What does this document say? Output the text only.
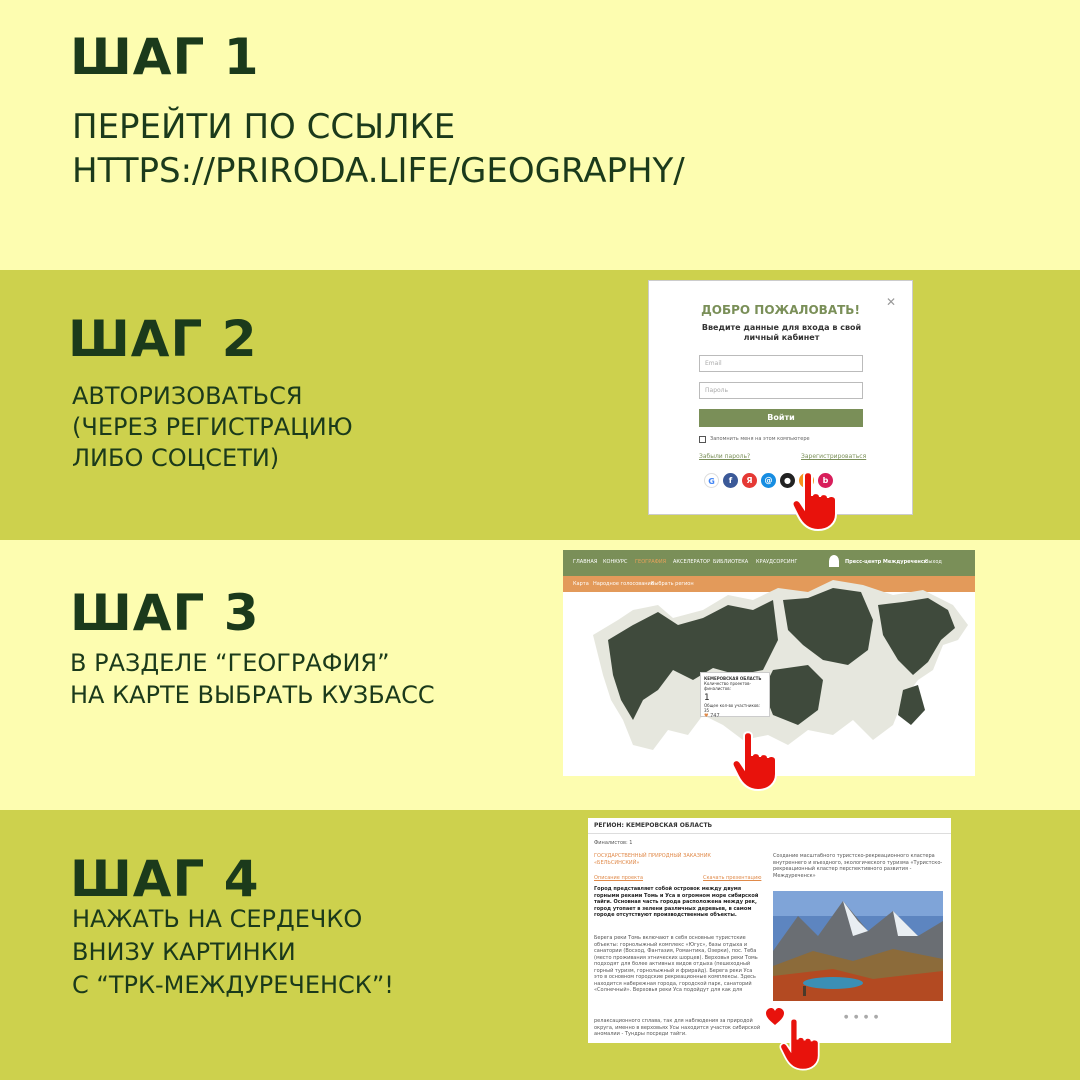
ШАГ 1
ПЕРЕЙТИ ПО ССЫЛКЕ
HTTPS://PRIRODA.LIFE/GEOGRAPHY/
ШАГ 2
АВТОРИЗОВАТЬСЯ
(ЧЕРЕЗ РЕГИСТРАЦИЮ
ЛИБО СОЦСЕТИ)
✕
ДОБРО ПОЖАЛОВАТЬ!
Введите данные для входа в свой личный кабинет
Email
Пароль
Войти
Запомнить меня на этом компьютере
Забыли пароль?	Зарегистрироваться
G	f	Я	@	●	b
ШАГ 3
В РАЗДЕЛЕ “ГЕОГРАФИЯ”
НА КАРТЕ ВЫБРАТЬ КУЗБАСС
ГЛАВНАЯ КОНКУРС ГЕОГРАФИЯ АКСЕЛЕРАТОР БИБЛИОТЕКА КРАУДСОРСИНГ	Пресс-центр Междуреченск
Выход
Карта Народное голосование
Выбрать регион
КЕМЕРОВСКАЯ ОБЛАСТЬ
Количество проектов-финалистов:
1
Общее кол-во участников: 35
♥ 747
ШАГ 4
НАЖАТЬ НА СЕРДЕЧКО
ВНИЗУ КАРТИНКИ
С “ТРК-МЕЖДУРЕЧЕНСК”!
РЕГИОН: КЕМЕРОВСКАЯ ОБЛАСТЬ
Финалистов: 1
ГОСУДАРСТВЕННЫЙ ПРИРОДНЫЙ ЗАКАЗНИК «БЕЛЬСИНСКИЙ»
Описание проекта	Скачать презентацию
Город представляет собой островок между двумя горными реками Томь и Уса в огромном море сибирской тайги. Основная часть города расположена между рек, город утопает в зелени различных деревьев, в самом городе отсутствуют производственные объекты.
Берега реки Томь включают в себя основные туристские объекты: горнолыжный комплекс «Югус», базы отдыха и санатории (Восход, Фантазия, Романтика, Озерки), пос. Теба (место проживания этнических шорцев). Верховья реки Томь подходят для более активных видов отдыха (пешеходный горный туризм, горнолыжный и фрирайд). Берега реки Уса это в основном городские рекреационные комплексы. Здесь находится набережная города, городской парк, санаторий «Солнечный». Верховья реки Уса подойдут для как для
релаксационного сплава, так для наблюдения за природой округа, именно в верховьях Усы находится участок сибирской аномалии - Тундры посреди тайги.
Создание масштабного туристско-рекреационного кластера внутреннего и въездного, экологического туризма «Туристско-рекреационный кластер перспективного развития - Междуреченск»
● ● ● ●
